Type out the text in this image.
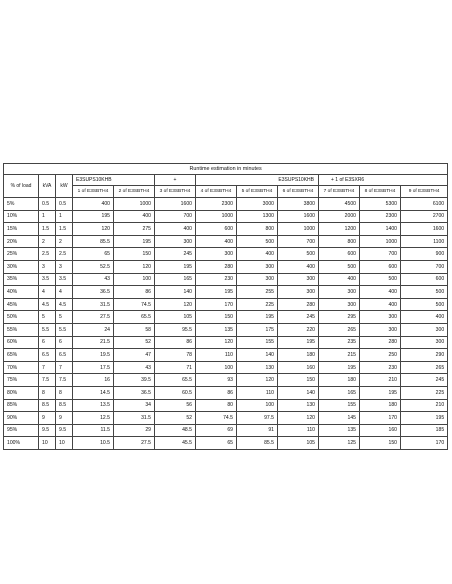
Runtime estimation in minutes											
% of load	kVA	kW	E3SUPS10KHB		+	E3SUPS10KHB			+ 1 of E3SXR6		
			1 of E3SBTH4	2 of E3SBTH4	3 of E3SBTH4	4 of E3SBTH4	5 of E3SBTH4	6 of E3SBTH4	7 of E3SBTH4	8 of E3SBTH4	9 of E3SBTH4
5%	0.5	0.5	400	1000	1600	2300	3000	3800	4500	5300	6100
10%	1	1	195	400	700	1000	1300	1600	2000	2300	2700
15%	1.5	1.5	120	275	400	600	800	1000	1200	1400	1600
20%	2	2	85.5	195	300	400	500	700	800	1000	1100
25%	2.5	2.5	65	150	245	300	400	500	600	700	900
30%	3	3	52.5	120	195	280	300	400	500	600	700
35%	3.5	3.5	43	100	165	230	300	300	400	500	600
40%	4	4	36.5	86	140	195	255	300	300	400	500
45%	4.5	4.5	31.5	74.5	120	170	225	280	300	400	500
50%	5	5	27.5	65.5	105	150	195	245	295	300	400
55%	5.5	5.5	24	58	95.5	135	175	220	265	300	300
60%	6	6	21.5	52	86	120	155	195	235	280	300
65%	6.5	6.5	19.5	47	78	110	140	180	215	250	290
70%	7	7	17.5	43	71	100	130	160	195	230	265
75%	7.5	7.5	16	39.5	65.5	93	120	150	180	210	245
80%	8	8	14.5	36.5	60.5	86	110	140	165	195	225
85%	8.5	8.5	13.5	34	56	80	100	130	155	180	210
90%	9	9	12.5	31.5	52	74.5	97.5	120	145	170	195
95%	9.5	9.5	11.5	29	48.5	69	91	110	135	160	185
100%	10	10	10.5	27.5	45.5	65	85.5	105	125	150	170
